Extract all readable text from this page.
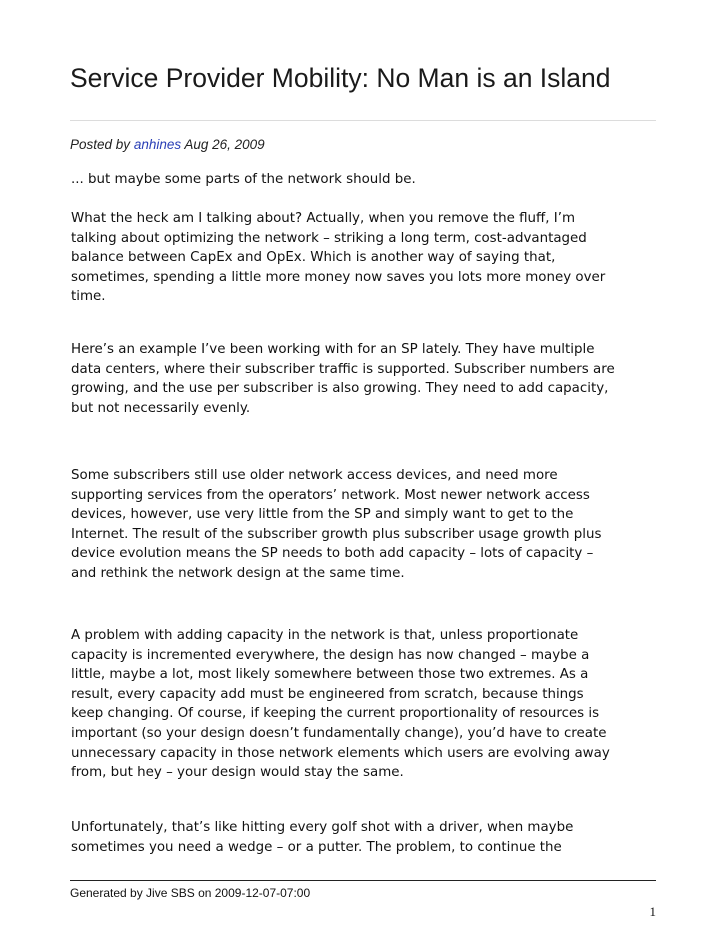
Service Provider Mobility: No Man is an Island
Posted by anhines Aug 26, 2009

... but maybe some parts of the network should be.

What the heck am I talking about? Actually, when you remove the fluff, I’m
talking about optimizing the network – striking a long term, cost-advantaged
balance between CapEx and OpEx. Which is another way of saying that,
sometimes, spending a little more money now saves you lots more money over
time.

Here’s an example I’ve been working with for an SP lately. They have multiple
data centers, where their subscriber traffic is supported. Subscriber numbers are
growing, and the use per subscriber is also growing. They need to add capacity,
but not necessarily evenly.

Some subscribers still use older network access devices, and need more
supporting services from the operators’ network. Most newer network access
devices, however, use very little from the SP and simply want to get to the
Internet. The result of the subscriber growth plus subscriber usage growth plus
device evolution means the SP needs to both add capacity – lots of capacity –
and rethink the network design at the same time.

A problem with adding capacity in the network is that, unless proportionate
capacity is incremented everywhere, the design has now changed – maybe a
little, maybe a lot, most likely somewhere between those two extremes. As a
result, every capacity add must be engineered from scratch, because things
keep changing. Of course, if keeping the current proportionality of resources is
important (so your design doesn’t fundamentally change), you’d have to create
unnecessary capacity in those network elements which users are evolving away
from, but hey – your design would stay the same.

Unfortunately, that’s like hitting every golf shot with a driver, when maybe
sometimes you need a wedge – or a putter. The problem, to continue the

Generated by Jive SBS on 2009-12-07-07:00
1
